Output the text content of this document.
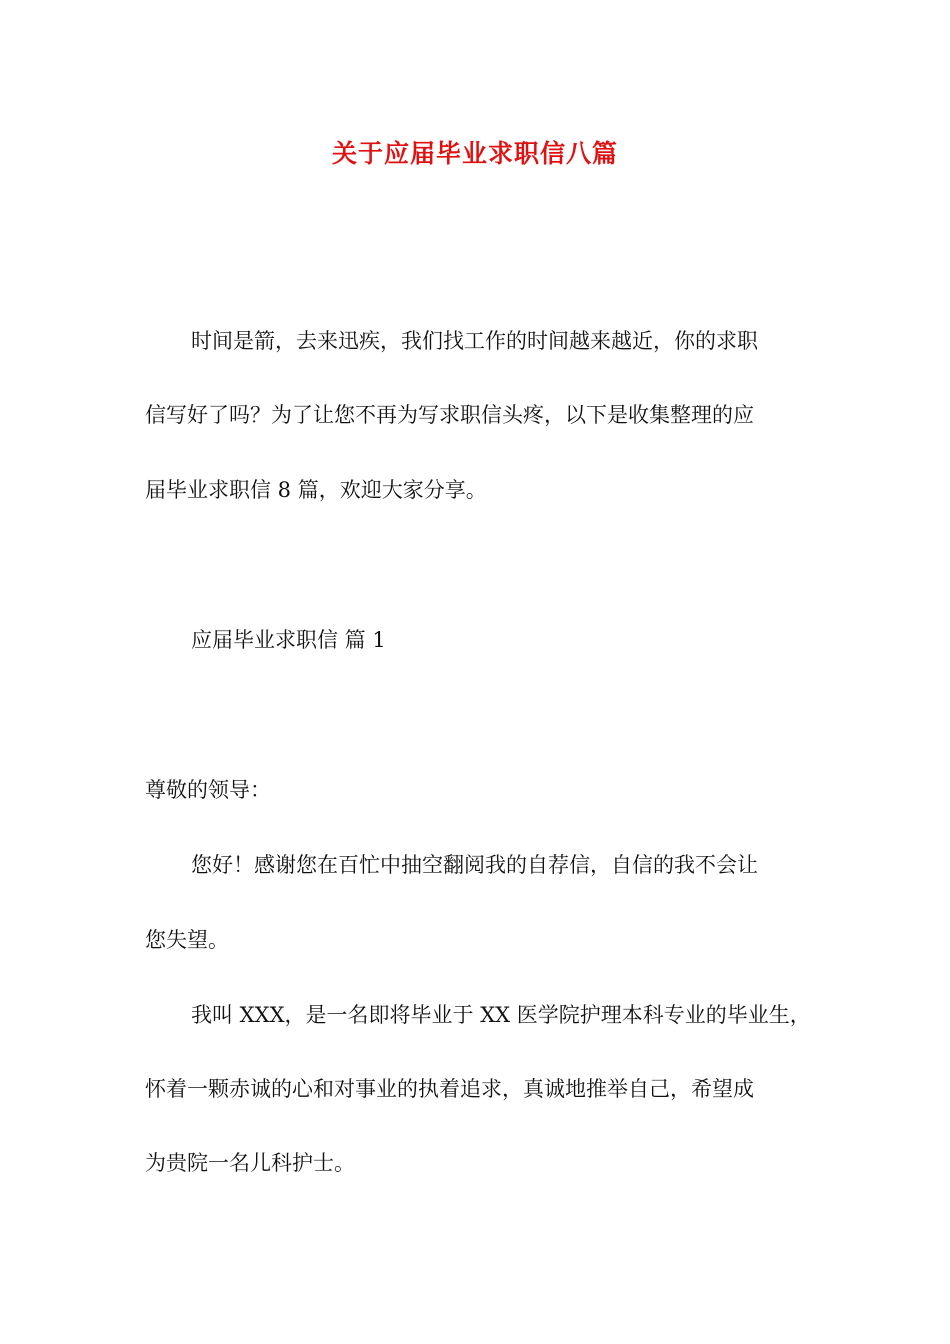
关于应届毕业求职信八篇
时间是箭，去来迅疾，我们找工作的时间越来越近，你的求职
信写好了吗？为了让您不再为写求职信头疼，以下是收集整理的应
届毕业求职信 8 篇，欢迎大家分享。
应届毕业求职信 篇 1
尊敬的领导：
您好！感谢您在百忙中抽空翻阅我的自荐信，自信的我不会让
您失望。
我叫 XXX，是一名即将毕业于 XX 医学院护理本科专业的毕业生，
怀着一颗赤诚的心和对事业的执着追求，真诚地推举自己，希望成
为贵院一名儿科护士。
